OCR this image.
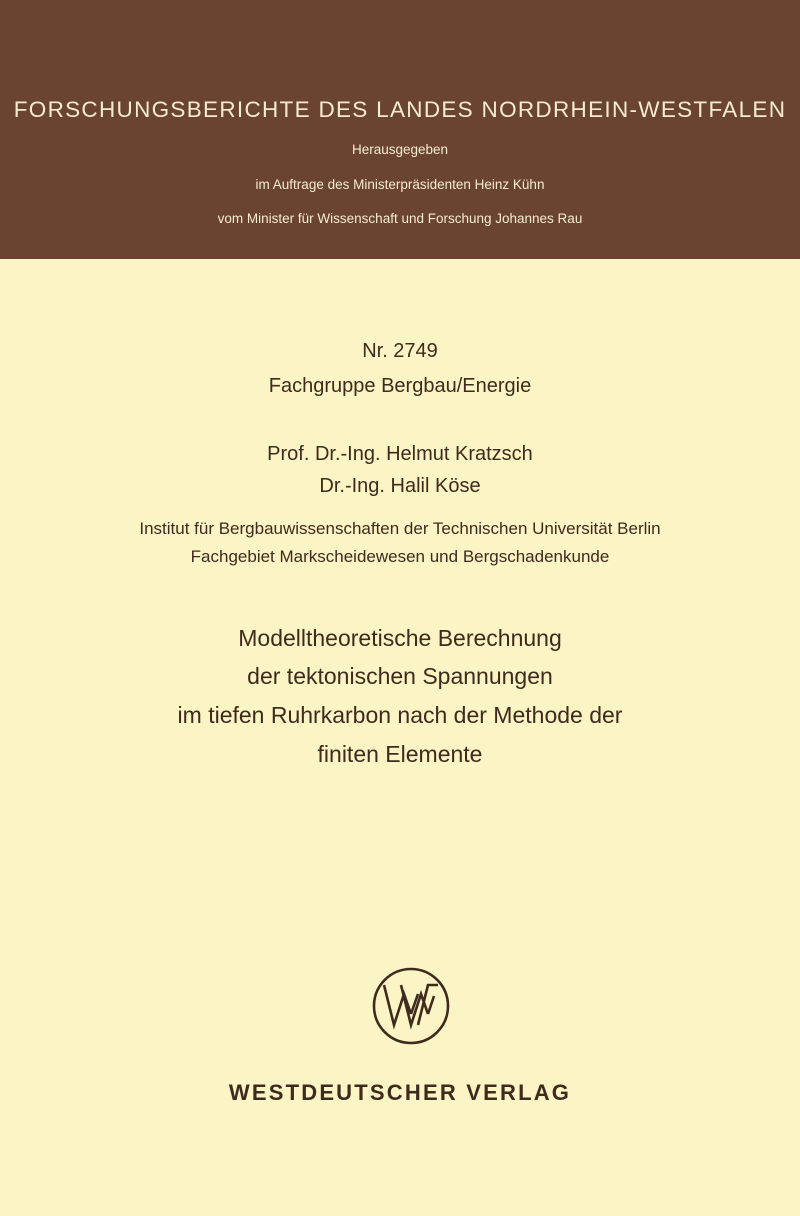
FORSCHUNGSBERICHTE DES LANDES NORDRHEIN-WESTFALEN
Herausgegeben
im Auftrage des Ministerpräsidenten Heinz Kühn
vom Minister für Wissenschaft und Forschung Johannes Rau
Nr. 2749
Fachgruppe Bergbau/Energie
Prof. Dr.-Ing. Helmut Kratzsch
Dr.-Ing. Halil Köse
Institut für Bergbauwissenschaften der Technischen Universität Berlin
Fachgebiet Markscheidewesen und Bergschadenkunde
Modelltheoretische Berechnung
der tektonischen Spannungen
im tiefen Ruhrkarbon nach der Methode der
finiten Elemente
WESTDEUTSCHER VERLAG
